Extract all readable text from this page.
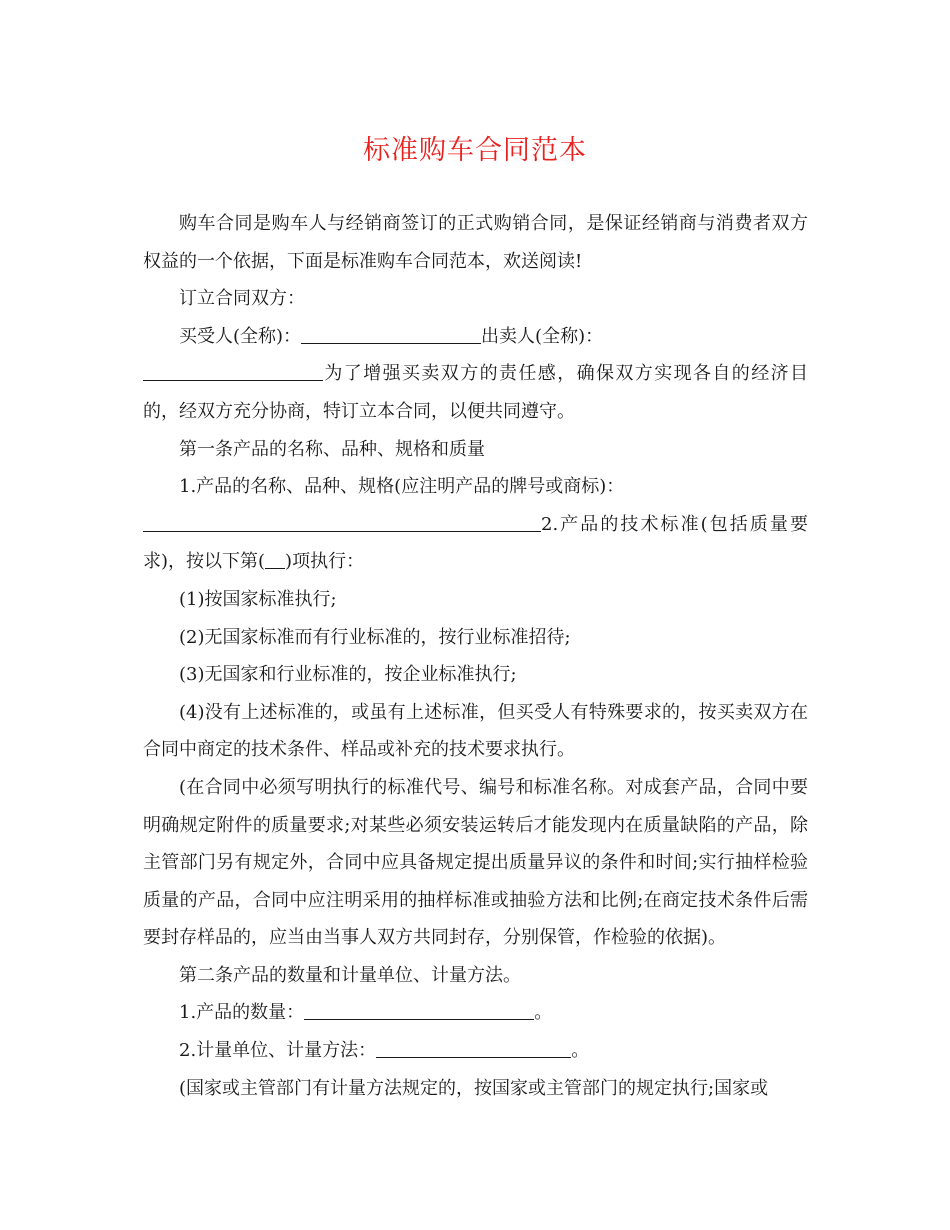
标准购车合同范本

购车合同是购车人与经销商签订的正式购销合同，是保证经销商与消费者双方权益的一个依据，下面是标准购车合同范本，欢送阅读!

订立合同双方：

买受人(全称)：	出卖人(全称)：

为了增强买卖双方的责任感，确保双方实现各自的经济目的，经双方充分协商，特订立本合同，以便共同遵守。

第一条产品的名称、品种、规格和质量

1.产品的名称、品种、规格(应注明产品的牌号或商标)：

2.产品的技术标准(包括质量要求)，按以下第( )项执行：

(1)按国家标准执行;

(2)无国家标准而有行业标准的，按行业标准招待;

(3)无国家和行业标准的，按企业标准执行;

(4)没有上述标准的，或虽有上述标准，但买受人有特殊要求的，按买卖双方在合同中商定的技术条件、样品或补充的技术要求执行。

(在合同中必须写明执行的标准代号、编号和标准名称。对成套产品，合同中要明确规定附件的质量要求;对某些必须安装运转后才能发现内在质量缺陷的产品，除主管部门另有规定外，合同中应具备规定提出质量异议的条件和时间;实行抽样检验质量的产品，合同中应注明采用的抽样标准或抽验方法和比例;在商定技术条件后需要封存样品的，应当由当事人双方共同封存，分别保管，作检验的依据)。

第二条产品的数量和计量单位、计量方法。

1.产品的数量：	。

2.计量单位、计量方法：	。

(国家或主管部门有计量方法规定的，按国家或主管部门的规定执行;国家或
